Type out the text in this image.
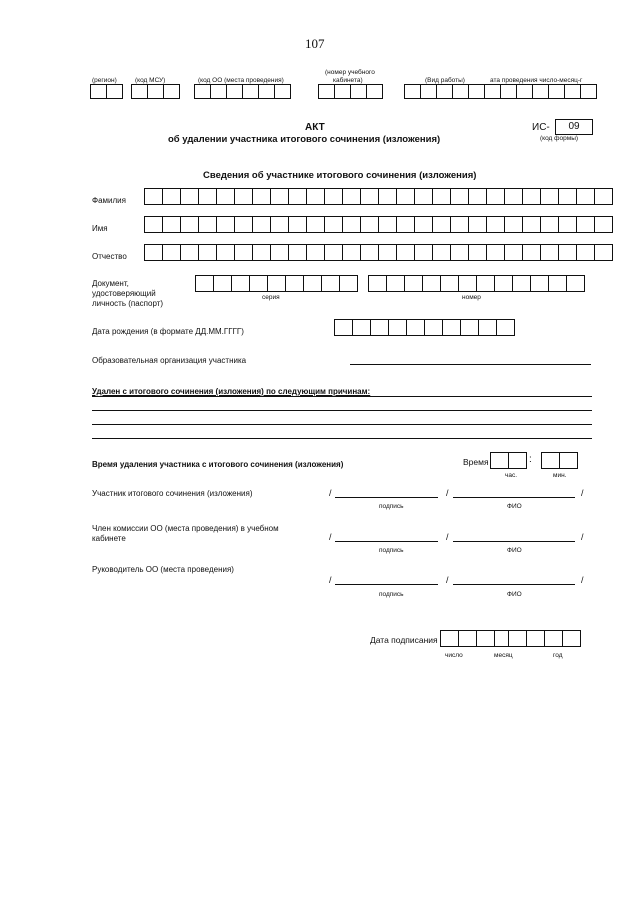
107
(регион)	(код МСУ)	(код ОО (места проведения)
(номер учебного
кабинета)	(Вид работы)	ата проведения число-месяц-г
АКТ
об удалении участника итогового сочинения (изложения)
ИС-	09
(код формы)
Сведения об участнике итогового сочинения (изложения)
Фамилия
Имя
Отчество
Документ,
удостоверяющий
личность (паспорт)
серия	номер
Дата рождения (в формате ДД.ММ.ГГГГ)
Образовательная организация участника
Удален с итогового сочинения (изложения) по следующим причинам:
Время удаления участника с итогового сочинения (изложения)	Время	:
час.	мин.
Участник итогового сочинения (изложения)	/	/	/
подпись	ФИО
Член комиссии ОО (места проведения) в учебном
кабинете	/	/	/
подпись	ФИО
Руководитель ОО (места проведения)
/	/	/
подпись	ФИО
Дата подписания
число	месяц	год
